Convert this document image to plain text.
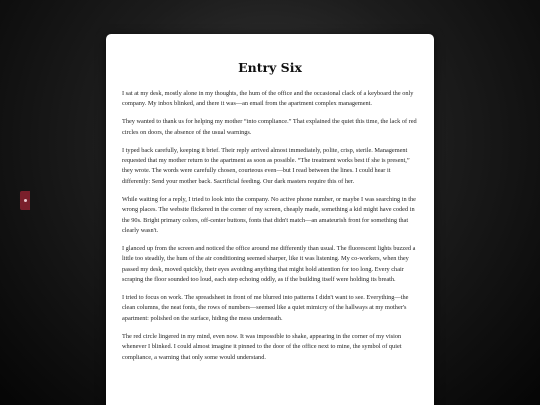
Entry Six

I sat at my desk, mostly alone in my thoughts, the hum of the office and the occasional clack of a keyboard the only company. My inbox blinked, and there it was—an email from the apartment complex management.

They wanted to thank us for helping my mother “into compliance.” That explained the quiet this time, the lack of red circles on doors, the absence of the usual warnings.

I typed back carefully, keeping it brief. Their reply arrived almost immediately, polite, crisp, sterile. Management requested that my mother return to the apartment as soon as possible. “The treatment works best if she is present,” they wrote. The words were carefully chosen, courteous even—but I read between the lines. I could hear it differently: Send your mother back. Sacrificial feeding. Our dark masters require this of her.

While waiting for a reply, I tried to look into the company. No active phone number, or maybe I was searching in the wrong places. The website flickered in the corner of my screen, cheaply made, something a kid might have coded in the 90s. Bright primary colors, off-center buttons, fonts that didn't match—an amateurish front for something that clearly wasn't.

I glanced up from the screen and noticed the office around me differently than usual. The fluorescent lights buzzed a little too steadily, the hum of the air conditioning seemed sharper, like it was listening. My co-workers, when they passed my desk, moved quickly, their eyes avoiding anything that might hold attention for too long. Every chair scraping the floor sounded too loud, each step echoing oddly, as if the building itself were holding its breath.

I tried to focus on work. The spreadsheet in front of me blurred into patterns I didn't want to see. Everything—the clean columns, the neat fonts, the rows of numbers—seemed like a quiet mimicry of the hallways at my mother's apartment: polished on the surface, hiding the mess underneath.

The red circle lingered in my mind, even now. It was impossible to shake, appearing in the corner of my vision whenever I blinked. I could almost imagine it pinned to the door of the office next to mine, the symbol of quiet compliance, a warning that only some would understand.
